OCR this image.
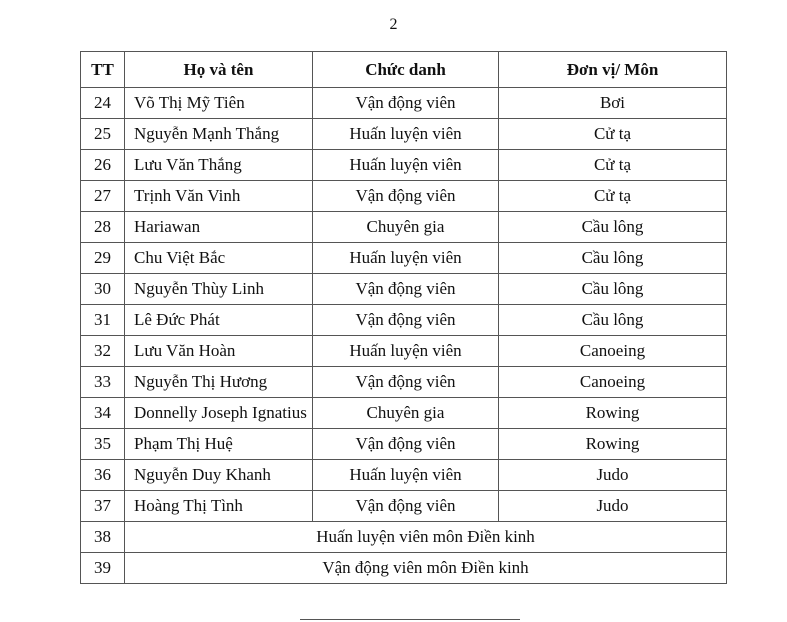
2
TT	Họ và tên	Chức danh	Đơn vị/ Môn
24	Võ Thị Mỹ Tiên	Vận động viên	Bơi
25	Nguyễn Mạnh Thắng	Huấn luyện viên	Cử tạ
26	Lưu Văn Thắng	Huấn luyện viên	Cử tạ
27	Trịnh Văn Vinh	Vận động viên	Cử tạ
28	Hariawan	Chuyên gia	Cầu lông
29	Chu Việt Bắc	Huấn luyện viên	Cầu lông
30	Nguyễn Thùy Linh	Vận động viên	Cầu lông
31	Lê Đức Phát	Vận động viên	Cầu lông
32	Lưu Văn Hoàn	Huấn luyện viên	Canoeing
33	Nguyễn Thị Hương	Vận động viên	Canoeing
34	Donnelly Joseph Ignatius	Chuyên gia	Rowing
35	Phạm Thị Huệ	Vận động viên	Rowing
36	Nguyễn Duy Khanh	Huấn luyện viên	Judo
37	Hoàng Thị Tình	Vận động viên	Judo
38	Huấn luyện viên môn Điền kinh		
39	Vận động viên môn Điền kinh		
